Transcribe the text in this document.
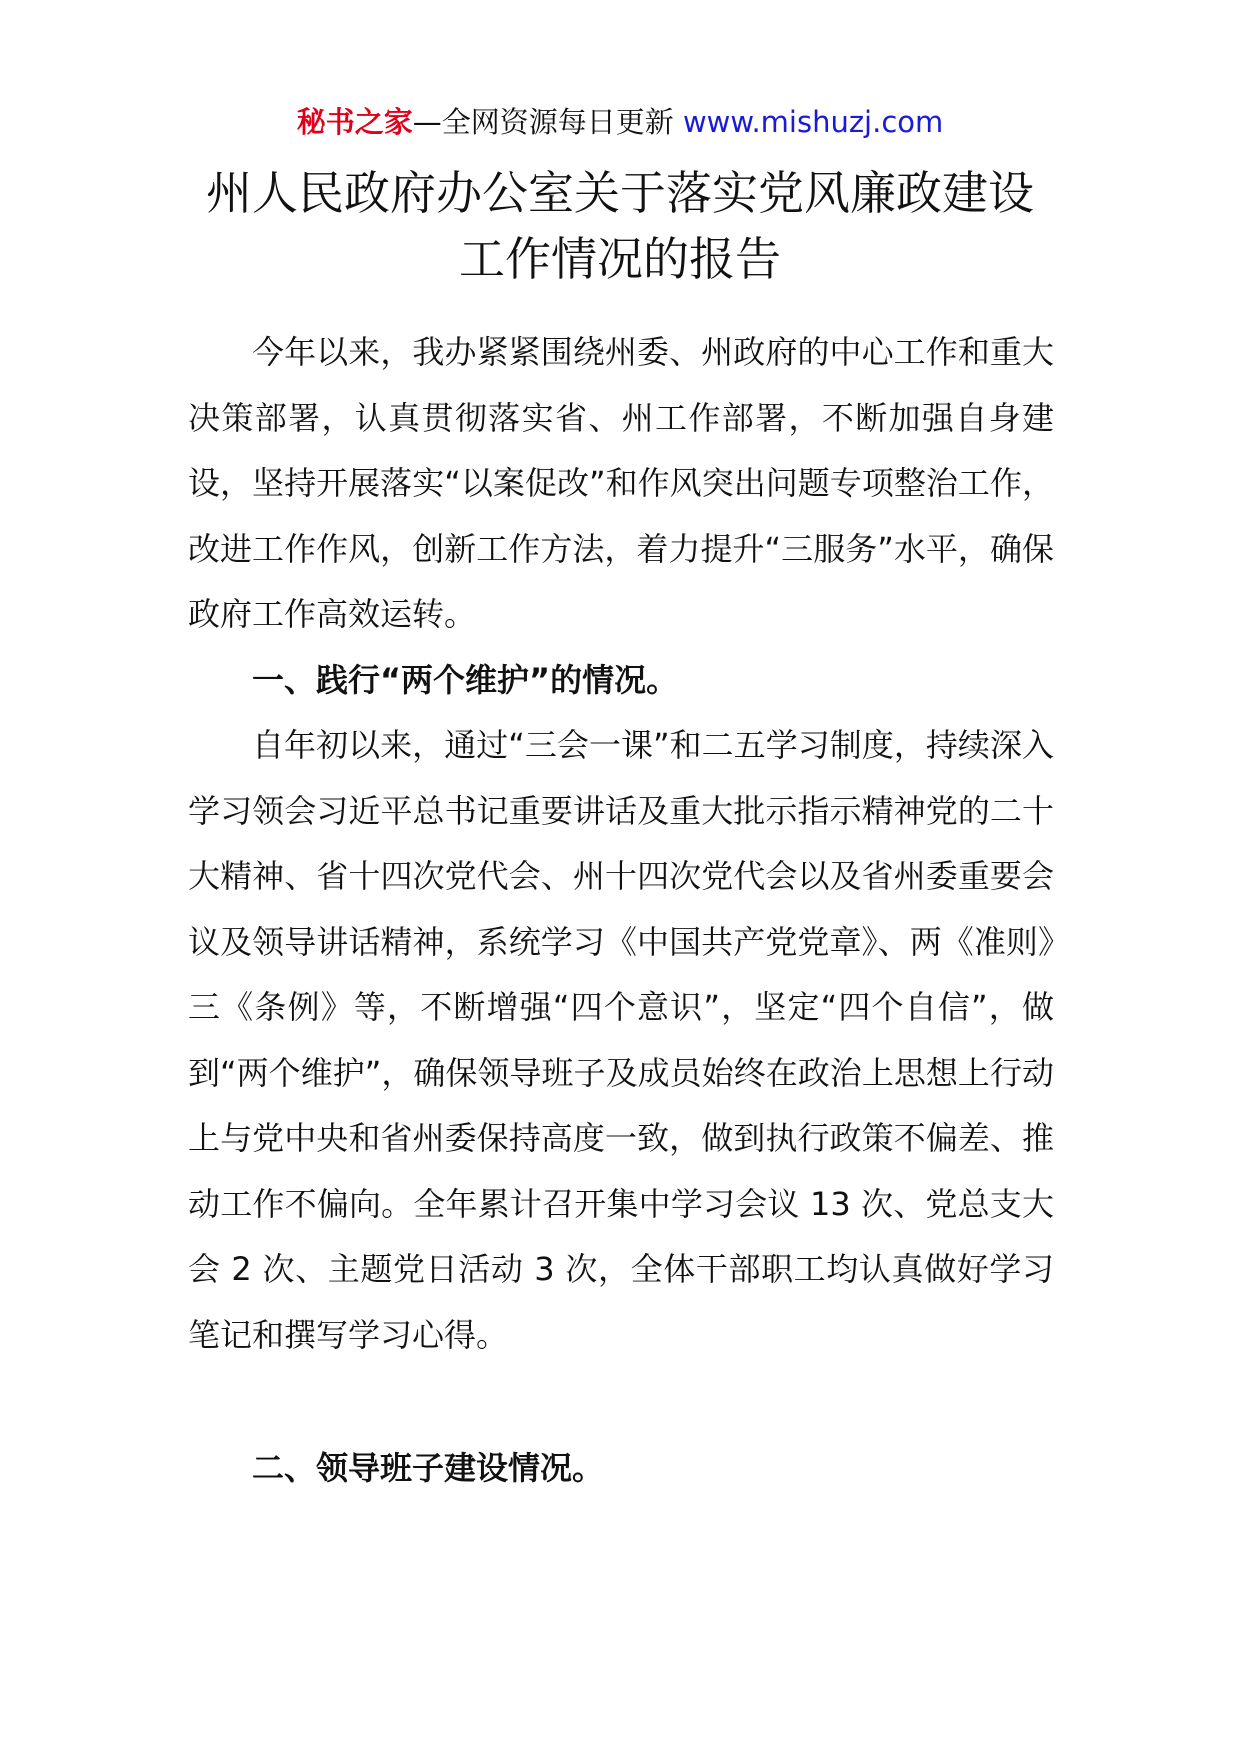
秘书之家—全网资源每日更新 www.mishuzj.com
州人民政府办公室关于落实党风廉政建设
工作情况的报告

今年以来，我办紧紧围绕州委、州政府的中心工作和重大决策部署，认真贯彻落实省、州工作部署，不断加强自身建设，坚持开展落实“以案促改”和作风突出问题专项整治工作，改进工作作风，创新工作方法，着力提升“三服务”水平，确保政府工作高效运转。

一、践行“两个维护”的情况。

自年初以来，通过“三会一课”和二五学习制度，持续深入学习领会习近平总书记重要讲话及重大批示指示精神党的二十大精神、省十四次党代会、州十四次党代会以及省州委重要会议及领导讲话精神，系统学习《中国共产党党章》、两《准则》三《条例》等，不断增强“四个意识”，坚定“四个自信”，做到“两个维护”，确保领导班子及成员始终在政治上思想上行动上与党中央和省州委保持高度一致，做到执行政策不偏差、推动工作不偏向。全年累计召开集中学习会议 13 次、党总支大会 2 次、主题党日活动 3 次，全体干部职工均认真做好学习笔记和撰写学习心得。

二、领导班子建设情况。
